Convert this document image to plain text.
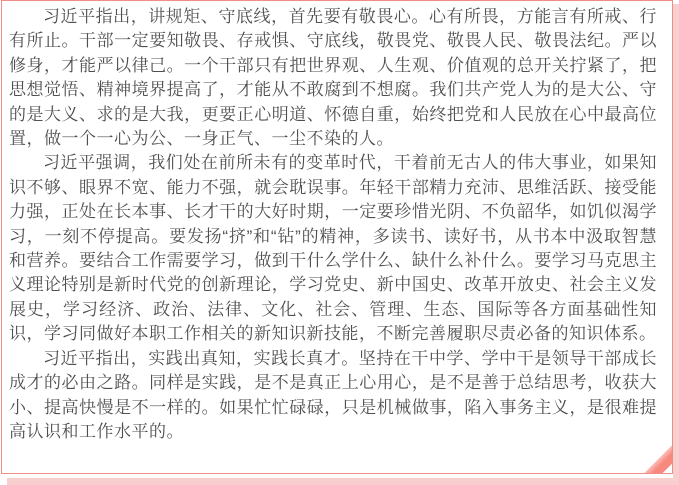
习近平指出，讲规矩、守底线，首先要有敬畏心。心有所畏，方能言有所戒、行有所止。干部一定要知敬畏、存戒惧、守底线，敬畏党、敬畏人民、敬畏法纪。严以修身，才能严以律己。一个干部只有把世界观、人生观、价值观的总开关拧紧了，把思想觉悟、精神境界提高了，才能从不敢腐到不想腐。我们共产党人为的是大公、守的是大义、求的是大我，更要正心明道、怀德自重，始终把党和人民放在心中最高位置，做一个一心为公、一身正气、一尘不染的人。

习近平强调，我们处在前所未有的变革时代，干着前无古人的伟大事业，如果知识不够、眼界不宽、能力不强，就会耽误事。年轻干部精力充沛、思维活跃、接受能力强，正处在长本事、长才干的大好时期，一定要珍惜光阴、不负韶华，如饥似渴学习，一刻不停提高。要发扬“挤”和“钻”的精神，多读书、读好书，从书本中汲取智慧和营养。要结合工作需要学习，做到干什么学什么、缺什么补什么。要学习马克思主义理论特别是新时代党的创新理论，学习党史、新中国史、改革开放史、社会主义发展史，学习经济、政治、法律、文化、社会、管理、生态、国际等各方面基础性知识，学习同做好本职工作相关的新知识新技能，不断完善履职尽责必备的知识体系。

习近平指出，实践出真知，实践长真才。坚持在干中学、学中干是领导干部成长成才的必由之路。同样是实践，是不是真正上心用心，是不是善于总结思考，收获大小、提高快慢是不一样的。如果忙忙碌碌，只是机械做事，陷入事务主义，是很难提高认识和工作水平的。
